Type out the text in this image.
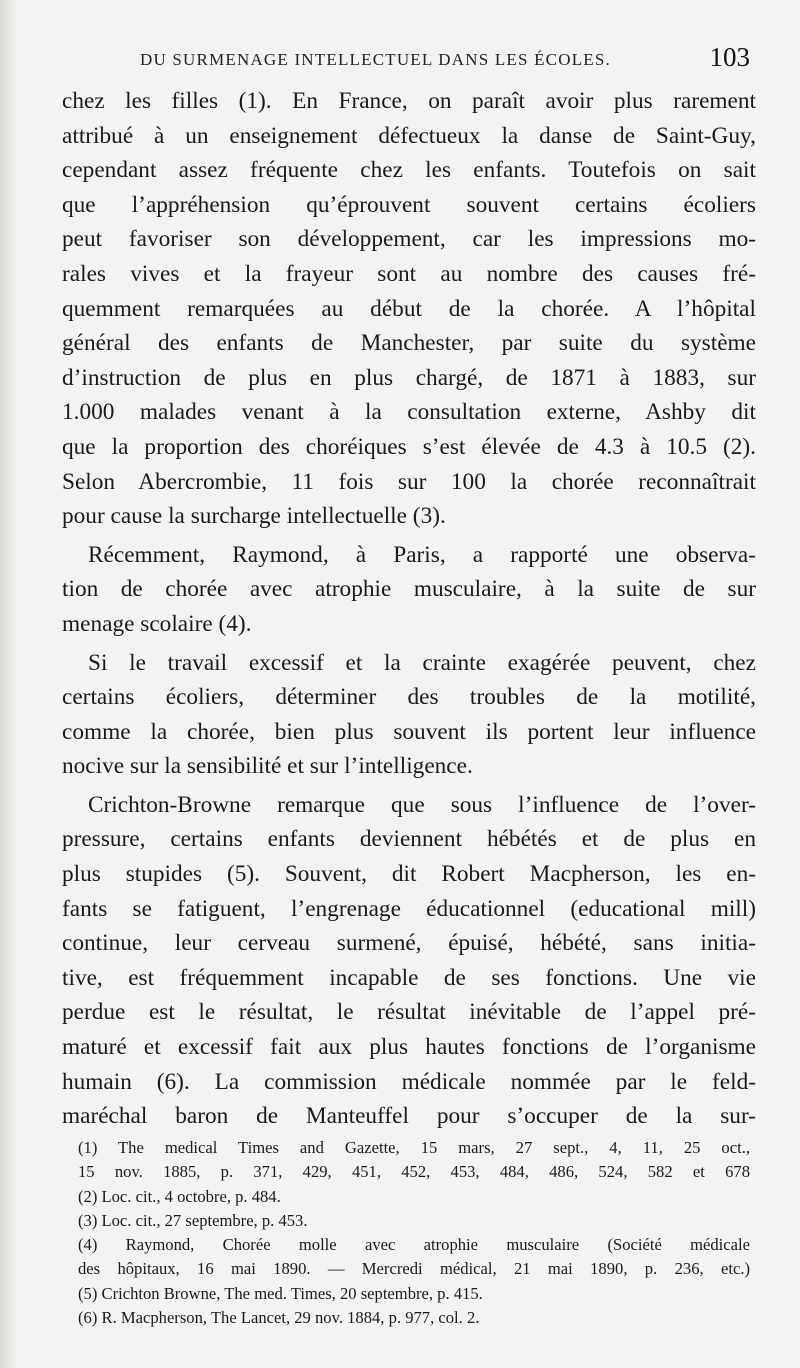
DU SURMENAGE INTELLECTUEL DANS LES ÉCOLES.	103
chez les filles (1). En France, on paraît avoir plus rarement
attribué à un enseignement défectueux la danse de Saint-Guy,
cependant assez fréquente chez les enfants. Toutefois on sait
que l’appréhension qu’éprouvent souvent certains écoliers
peut favoriser son développement, car les impressions mo-
rales vives et la frayeur sont au nombre des causes fré-
quemment remarquées au début de la chorée. A l’hôpital
général des enfants de Manchester, par suite du système
d’instruction de plus en plus chargé, de 1871 à 1883, sur
1.000 malades venant à la consultation externe, Ashby dit
que la proportion des choréiques s’est élevée de 4.3 à 10.5 (2).
Selon Abercrombie, 11 fois sur 100 la chorée reconnaîtrait
pour cause la surcharge intellectuelle (3).
Récemment, Raymond, à Paris, a rapporté une observa-
tion de chorée avec atrophie musculaire, à la suite de sur
menage scolaire (4).
Si le travail excessif et la crainte exagérée peuvent, chez
certains écoliers, déterminer des troubles de la motilité,
comme la chorée, bien plus souvent ils portent leur influence
nocive sur la sensibilité et sur l’intelligence.
Crichton-Browne remarque que sous l’influence de l’over-
pressure, certains enfants deviennent hébétés et de plus en
plus stupides (5). Souvent, dit Robert Macpherson, les en-
fants se fatiguent, l’engrenage éducationnel (educational mill)
continue, leur cerveau surmené, épuisé, hébété, sans initia-
tive, est fréquemment incapable de ses fonctions. Une vie
perdue est le résultat, le résultat inévitable de l’appel pré-
maturé et excessif fait aux plus hautes fonctions de l’organisme
humain (6). La commission médicale nommée par le feld-
maréchal baron de Manteuffel pour s’occuper de la sur-
(1) The medical Times and Gazette, 15 mars, 27 sept., 4, 11, 25 oct.,
15 nov. 1885, p. 371, 429, 451, 452, 453, 484, 486, 524, 582 et 678
(2) Loc. cit., 4 octobre, p. 484.
(3) Loc. cit., 27 septembre, p. 453.
(4) Raymond, Chorée molle avec atrophie musculaire (Société médicale
des hôpitaux, 16 mai 1890. — Mercredi médical, 21 mai 1890, p. 236, etc.)
(5) Crichton Browne, The med. Times, 20 septembre, p. 415.
(6) R. Macpherson, The Lancet, 29 nov. 1884, p. 977, col. 2.
